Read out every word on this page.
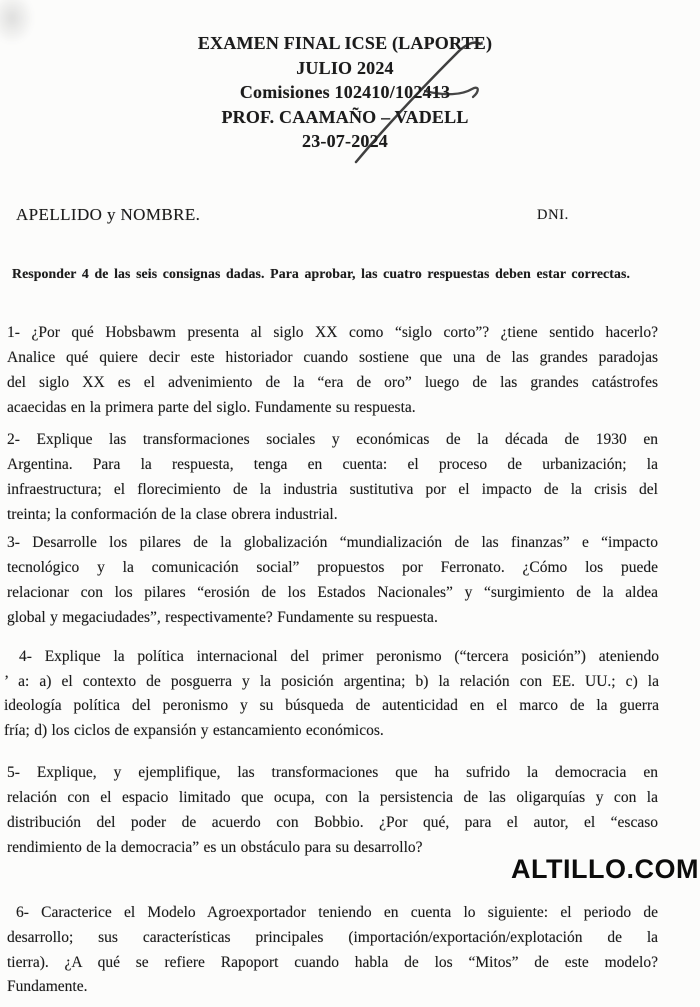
EXAMEN FINAL ICSE (LAPORTE)
JULIO 2024
Comisiones 102410/102413
PROF. CAAMAÑO – VADELL
23-07-2024
APELLIDO y NOMBRE.	DNI.
Responder 4 de las seis consignas dadas. Para aprobar, las cuatro respuestas deben estar correctas.
1- ¿Por qué Hobsbawm presenta al siglo XX como “siglo corto”? ¿tiene sentido hacerlo?
Analice qué quiere decir este historiador cuando sostiene que una de las grandes paradojas
del siglo XX es el advenimiento de la “era de oro” luego de las grandes catástrofes
acaecidas en la primera parte del siglo. Fundamente su respuesta.
2- Explique las transformaciones sociales y económicas de la década de 1930 en
Argentina. Para la respuesta, tenga en cuenta: el proceso de urbanización; la
infraestructura; el florecimiento de la industria sustitutiva por el impacto de la crisis del
treinta; la conformación de la clase obrera industrial.
3- Desarrolle los pilares de la globalización “mundialización de las finanzas” e “impacto
tecnológico y la comunicación social” propuestos por Ferronato. ¿Cómo los puede
relacionar con los pilares “erosión de los Estados Nacionales” y “surgimiento de la aldea
global y megaciudades”, respectivamente? Fundamente su respuesta.
4- Explique la política internacional del primer peronismo (“tercera posición”) ateniendo
’ a: a) el contexto de posguerra y la posición argentina; b) la relación con EE. UU.; c) la
ideología política del peronismo y su búsqueda de autenticidad en el marco de la guerra
fría; d) los ciclos de expansión y estancamiento económicos.
5- Explique, y ejemplifique, las transformaciones que ha sufrido la democracia en
relación con el espacio limitado que ocupa, con la persistencia de las oligarquías y con la
distribución del poder de acuerdo con Bobbio. ¿Por qué, para el autor, el “escaso
rendimiento de la democracia” es un obstáculo para su desarrollo?
6- Caracterice el Modelo Agroexportador teniendo en cuenta lo siguiente: el periodo de
desarrollo; sus características principales (importación/exportación/explotación de la
tierra). ¿A qué se refiere Rapoport cuando habla de los “Mitos” de este modelo?
Fundamente.
ALTILLO.COM
